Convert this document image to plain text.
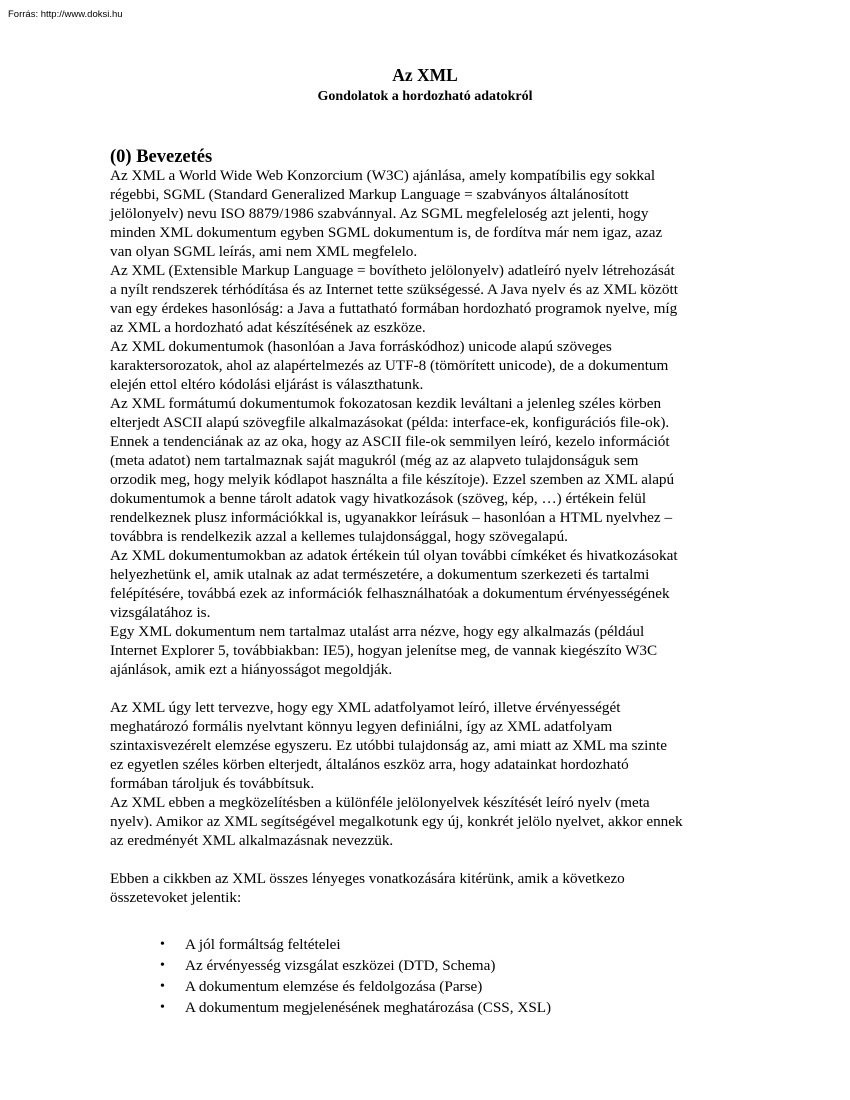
Forrás: http://www.doksi.hu
Az XML
Gondolatok a hordozható adatokról
(0) Bevezetés

Az XML a World Wide Web Konzorcium (W3C) ajánlása, amely kompatíbilis egy sokkal
régebbi, SGML (Standard Generalized Markup Language = szabványos általánosított
jelölonyelv) nevu ISO 8879/1986 szabvánnyal. Az SGML megfeleloség azt jelenti, hogy
minden XML dokumentum egyben SGML dokumentum is, de fordítva már nem igaz, azaz
van olyan SGML leírás, ami nem XML megfelelo.

Az XML (Extensible Markup Language = bovítheto jelölonyelv) adatleíró nyelv létrehozását
a nyílt rendszerek térhódítása és az Internet tette szükségessé. A Java nyelv és az XML között
van egy érdekes hasonlóság: a Java a futtatható formában hordozható programok nyelve, míg
az XML a hordozható adat készítésének az eszköze.

Az XML dokumentumok (hasonlóan a Java forráskódhoz) unicode alapú szöveges
karaktersorozatok, ahol az alapértelmezés az UTF-8 (tömörített unicode), de a dokumentum
elején ettol eltéro kódolási eljárást is választhatunk.

Az XML formátumú dokumentumok fokozatosan kezdik leváltani a jelenleg széles körben
elterjedt ASCII alapú szövegfile alkalmazásokat (példa: interface-ek, konfigurációs file-ok).
Ennek a tendenciának az az oka, hogy az ASCII file-ok semmilyen leíró, kezelo információt
(meta adatot) nem tartalmaznak saját magukról (még az az alapveto tulajdonságuk sem
orzodik meg, hogy melyik kódlapot használta a file készítoje). Ezzel szemben az XML alapú
dokumentumok a benne tárolt adatok vagy hivatkozások (szöveg, kép, …) értékein felül
rendelkeznek plusz információkkal is, ugyanakkor leírásuk – hasonlóan a HTML nyelvhez –
továbbra is rendelkezik azzal a kellemes tulajdonsággal, hogy szövegalapú.

Az XML dokumentumokban az adatok értékein túl olyan további címkéket és hivatkozásokat
helyezhetünk el, amik utalnak az adat természetére, a dokumentum szerkezeti és tartalmi
felépítésére, továbbá ezek az információk felhasználhatóak a dokumentum érvényességének
vizsgálatához is.

Egy XML dokumentum nem tartalmaz utalást arra nézve, hogy egy alkalmazás (például
Internet Explorer 5, továbbiakban: IE5), hogyan jelenítse meg, de vannak kiegészíto W3C
ajánlások, amik ezt a hiányosságot megoldják.

Az XML úgy lett tervezve, hogy egy XML adatfolyamot leíró, illetve érvényességét
meghatározó formális nyelvtant könnyu legyen definiálni, így az XML adatfolyam
szintaxisvezérelt elemzése egyszeru. Ez utóbbi tulajdonság az, ami miatt az XML ma szinte
ez egyetlen széles körben elterjedt, általános eszköz arra, hogy adatainkat hordozható
formában tároljuk és továbbítsuk.

Az XML ebben a megközelítésben a különféle jelölonyelvek készítését leíró nyelv (meta
nyelv). Amikor az XML segítségével megalkotunk egy új, konkrét jelölo nyelvet, akkor ennek
az eredményét XML alkalmazásnak nevezzük.

Ebben a cikkben az XML összes lényeges vonatkozására kitérünk, amik a következo
összetevoket jelentik:

• A jól formáltság feltételei
• Az érvényesség vizsgálat eszközei (DTD, Schema)
• A dokumentum elemzése és feldolgozása (Parse)
• A dokumentum megjelenésének meghatározása (CSS, XSL)
